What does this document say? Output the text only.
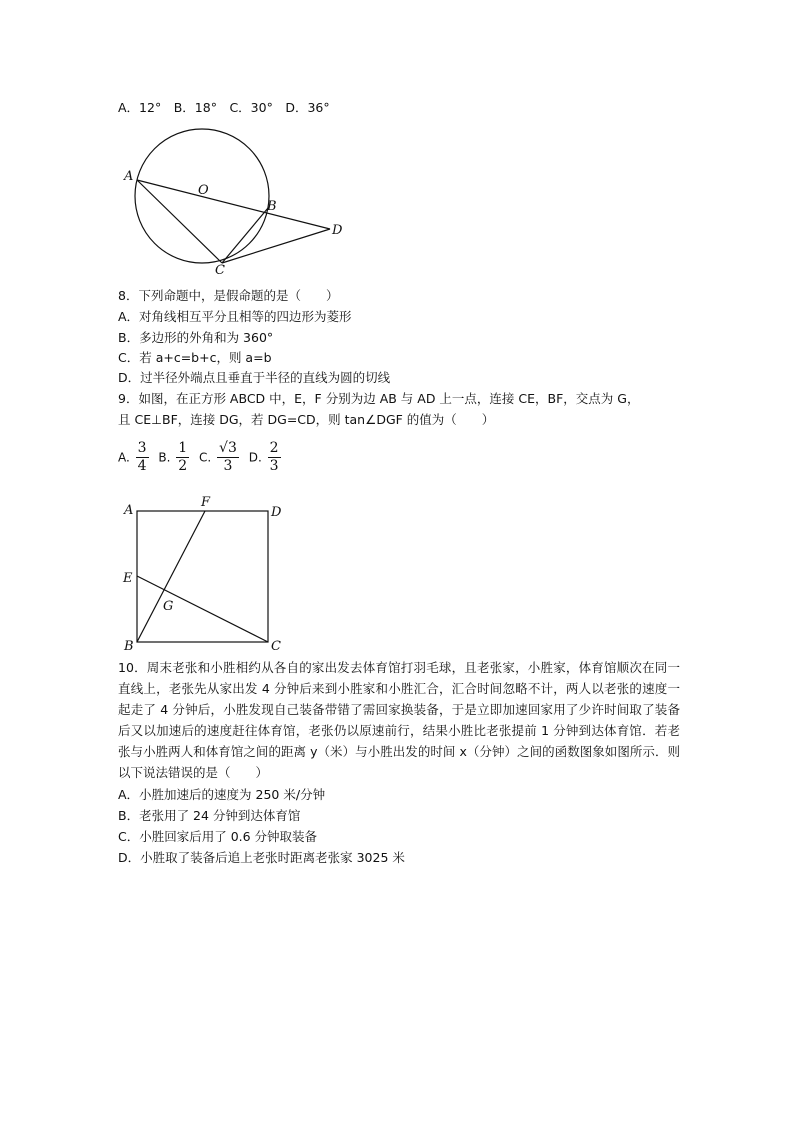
A．12°　B．18°　C．30°　D．36°
A
O
B
D
C
8．下列命题中，是假命题的是（　　）
A．对角线相互平分且相等的四边形为菱形
B．多边形的外角和为 360°
C．若 a+c=b+c，则 a=b
D．过半径外端点且垂直于半径的直线为圆的切线
9．如图，在正方形 ABCD 中，E，F 分别为边 AB 与 AD 上一点，连接 CE，BF，交点为 G，
且 CE⊥BF，连接 DG，若 DG=CD，则 tan∠DGF 的值为（　　）
A. $\frac{3}{4} B$. $\frac{1}{2} C$. $\frac{√3}{3} D$. $\frac{2}{3}$
A
F
D
E
G
B	C
10．周末老张和小胜相约从各自的家出发去体育馆打羽毛球，且老张家，小胜家，体育馆顺次在同一直线上，老张先从家出发 4 分钟后来到小胜家和小胜汇合，汇合时间忽略不计，两人以老张的速度一起走了 4 分钟后，小胜发现自己装备带错了需回家换装备，于是立即加速回家用了少许时间取了装备后又以加速后的速度赶往体育馆，老张仍以原速前行，结果小胜比老张提前 1 分钟到达体育馆．若老张与小胜两人和体育馆之间的距离 y（米）与小胜出发的时间 x（分钟）之间的函数图象如图所示．则以下说法错误的是（　　）
A．小胜加速后的速度为 250 米/分钟
B．老张用了 24 分钟到达体育馆
C．小胜回家后用了 0.6 分钟取装备
D．小胜取了装备后追上老张时距离老张家 3025 米
